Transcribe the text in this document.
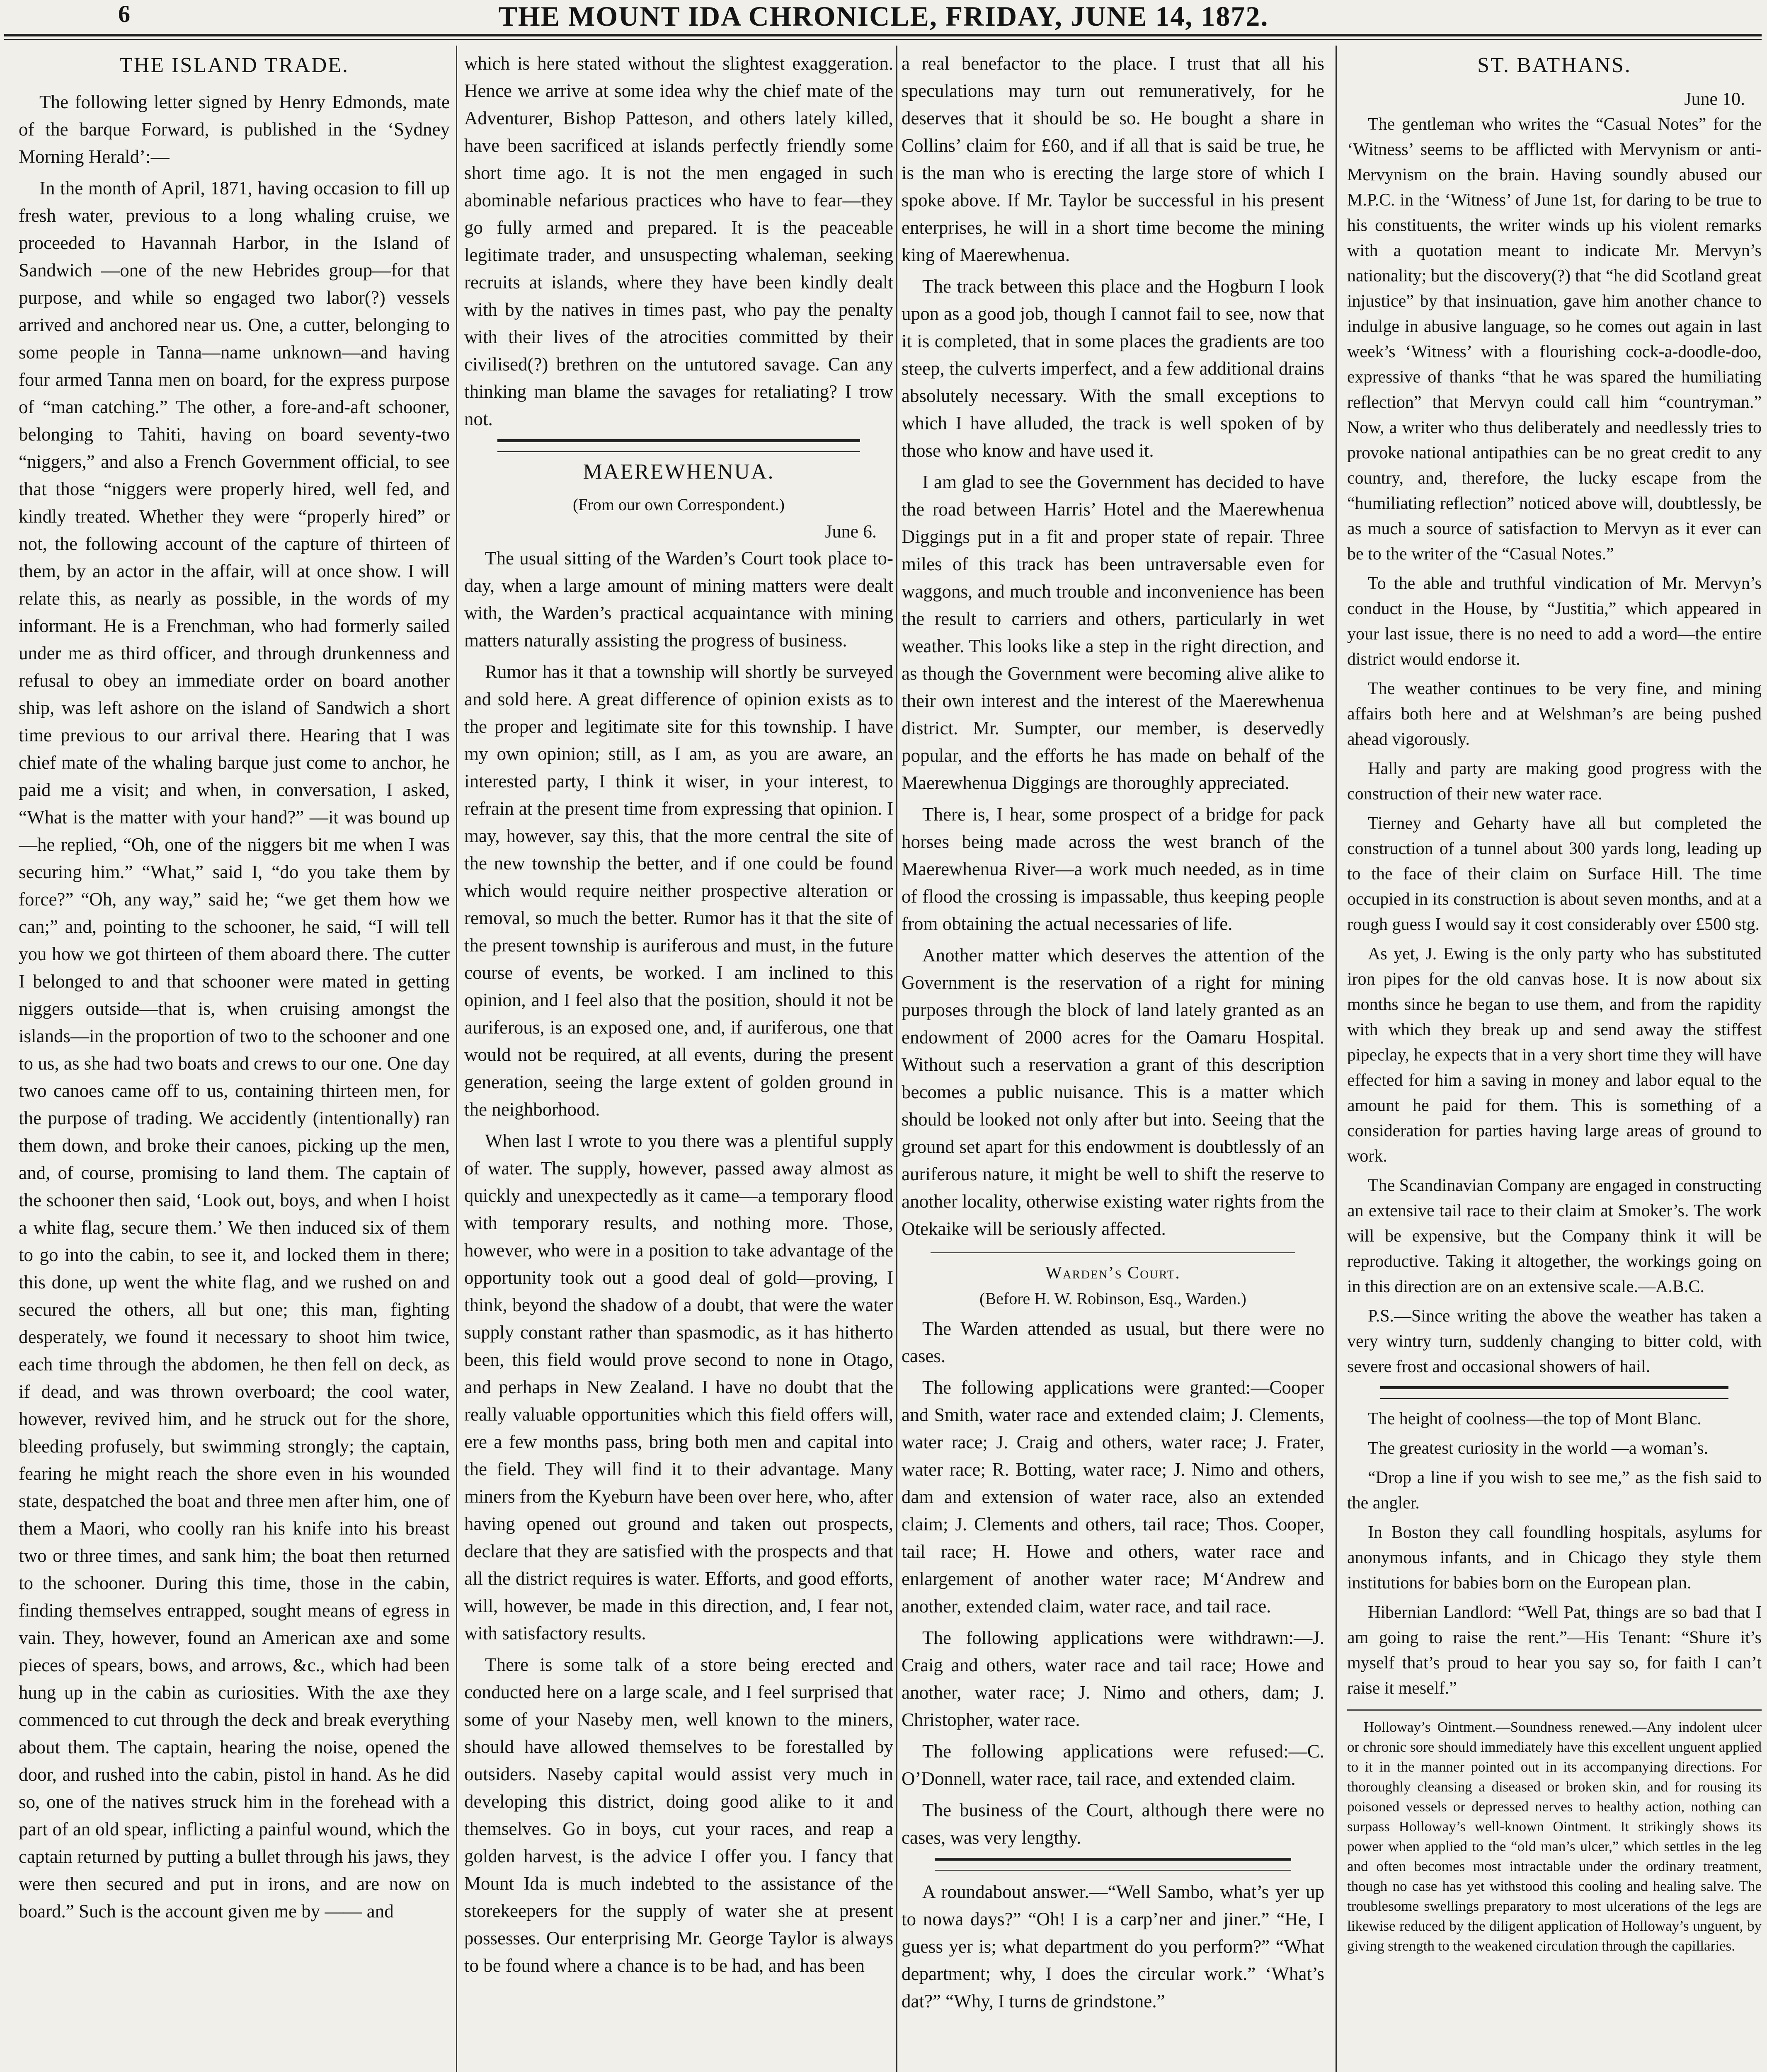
6	THE MOUNT IDA CHRONICLE, FRIDAY, JUNE 14, 1872.
THE ISLAND TRADE.

The following letter signed by Henry Edmonds, mate of the barque Forward, is published in the ‘Sydney Morning Herald’:—

In the month of April, 1871, having occasion to fill up fresh water, previous to a long whaling cruise, we proceeded to Havannah Harbor, in the Island of Sandwich —one of the new Hebrides group—for that purpose, and while so engaged two labor(?) vessels arrived and anchored near us. One, a cutter, belonging to some people in Tanna—name unknown—and having four armed Tanna men on board, for the express purpose of “man catching.” The other, a fore-and-aft schooner, belonging to Tahiti, having on board seventy-two “niggers,” and also a French Government official, to see that those “niggers were properly hired, well fed, and kindly treated. Whether they were “properly hired” or not, the following account of the capture of thirteen of them, by an actor in the affair, will at once show. I will relate this, as nearly as possible, in the words of my informant. He is a Frenchman, who had formerly sailed under me as third officer, and through drunkenness and refusal to obey an immediate order on board another ship, was left ashore on the island of Sandwich a short time previous to our arrival there. Hearing that I was chief mate of the whaling barque just come to anchor, he paid me a visit; and when, in conversation, I asked, “What is the matter with your hand?” —it was bound up—he replied, “Oh, one of the niggers bit me when I was securing him.” “What,” said I, “do you take them by force?” “Oh, any way,” said he; “we get them how we can;” and, pointing to the schooner, he said, “I will tell you how we got thirteen of them aboard there. The cutter I belonged to and that schooner were mated in getting niggers outside—that is, when cruising amongst the islands—in the proportion of two to the schooner and one to us, as she had two boats and crews to our one. One day two canoes came off to us, containing thirteen men, for the purpose of trading. We accidently (intentionally) ran them down, and broke their canoes, picking up the men, and, of course, promising to land them. The captain of the schooner then said, ‘Look out, boys, and when I hoist a white flag, secure them.’ We then induced six of them to go into the cabin, to see it, and locked them in there; this done, up went the white flag, and we rushed on and secured the others, all but one; this man, fighting desperately, we found it necessary to shoot him twice, each time through the abdomen, he then fell on deck, as if dead, and was thrown overboard; the cool water, however, revived him, and he struck out for the shore, bleeding profusely, but swimming strongly; the captain, fearing he might reach the shore even in his wounded state, despatched the boat and three men after him, one of them a Maori, who coolly ran his knife into his breast two or three times, and sank him; the boat then returned to the schooner. During this time, those in the cabin, finding themselves entrapped, sought means of egress in vain. They, however, found an American axe and some pieces of spears, bows, and arrows, &c., which had been hung up in the cabin as curiosities. With the axe they commenced to cut through the deck and break everything about them. The captain, hearing the noise, opened the door, and rushed into the cabin, pistol in hand. As he did so, one of the natives struck him in the forehead with a part of an old spear, inflicting a painful wound, which the captain returned by putting a bullet through his jaws, they were then secured and put in irons, and are now on board.” Such is the account given me by —— and

which is here stated without the slightest exaggeration. Hence we arrive at some idea why the chief mate of the Adventurer, Bishop Patteson, and others lately killed, have been sacrificed at islands perfectly friendly some short time ago. It is not the men engaged in such abominable nefarious practices who have to fear—they go fully armed and prepared. It is the peaceable legitimate trader, and unsuspecting whaleman, seeking recruits at islands, where they have been kindly dealt with by the natives in times past, who pay the penalty with their lives of the atrocities committed by their civilised(?) brethren on the untutored savage. Can any thinking man blame the savages for retaliating? I trow not.

MAEREWHENUA.
(From our own Correspondent.)
June 6.

The usual sitting of the Warden’s Court took place to-day, when a large amount of mining matters were dealt with, the Warden’s practical acquaintance with mining matters naturally assisting the progress of business.

Rumor has it that a township will shortly be surveyed and sold here. A great difference of opinion exists as to the proper and legitimate site for this township. I have my own opinion; still, as I am, as you are aware, an interested party, I think it wiser, in your interest, to refrain at the present time from expressing that opinion. I may, however, say this, that the more central the site of the new township the better, and if one could be found which would require neither prospective alteration or removal, so much the better. Rumor has it that the site of the present township is auriferous and must, in the future course of events, be worked. I am inclined to this opinion, and I feel also that the position, should it not be auriferous, is an exposed one, and, if auriferous, one that would not be required, at all events, during the present generation, seeing the large extent of golden ground in the neighborhood.

When last I wrote to you there was a plentiful supply of water. The supply, however, passed away almost as quickly and unexpectedly as it came—a temporary flood with temporary results, and nothing more. Those, however, who were in a position to take advantage of the opportunity took out a good deal of gold—proving, I think, beyond the shadow of a doubt, that were the water supply constant rather than spasmodic, as it has hitherto been, this field would prove second to none in Otago, and perhaps in New Zealand. I have no doubt that the really valuable opportunities which this field offers will, ere a few months pass, bring both men and capital into the field. They will find it to their advantage. Many miners from the Kyeburn have been over here, who, after having opened out ground and taken out prospects, declare that they are satisfied with the prospects and that all the district requires is water. Efforts, and good efforts, will, however, be made in this direction, and, I fear not, with satisfactory results.

There is some talk of a store being erected and conducted here on a large scale, and I feel surprised that some of your Naseby men, well known to the miners, should have allowed themselves to be forestalled by outsiders. Naseby capital would assist very much in developing this district, doing good alike to it and themselves. Go in boys, cut your races, and reap a golden harvest, is the advice I offer you. I fancy that Mount Ida is much indebted to the assistance of the storekeepers for the supply of water she at present possesses. Our enterprising Mr. George Taylor is always to be found where a chance is to be had, and has been

a real benefactor to the place. I trust that all his speculations may turn out remuneratively, for he deserves that it should be so. He bought a share in Collins’ claim for £60, and if all that is said be true, he is the man who is erecting the large store of which I spoke above. If Mr. Taylor be successful in his present enterprises, he will in a short time become the mining king of Maerewhenua.

The track between this place and the Hogburn I look upon as a good job, though I cannot fail to see, now that it is completed, that in some places the gradients are too steep, the culverts imperfect, and a few additional drains absolutely necessary. With the small exceptions to which I have alluded, the track is well spoken of by those who know and have used it.

I am glad to see the Government has decided to have the road between Harris’ Hotel and the Maerewhenua Diggings put in a fit and proper state of repair. Three miles of this track has been untraversable even for waggons, and much trouble and inconvenience has been the result to carriers and others, particularly in wet weather. This looks like a step in the right direction, and as though the Government were becoming alive alike to their own interest and the interest of the Maerewhenua district. Mr. Sumpter, our member, is deservedly popular, and the efforts he has made on behalf of the Maerewhenua Diggings are thoroughly appreciated.

There is, I hear, some prospect of a bridge for pack horses being made across the west branch of the Maerewhenua River—a work much needed, as in time of flood the crossing is impassable, thus keeping people from obtaining the actual necessaries of life.

Another matter which deserves the attention of the Government is the reservation of a right for mining purposes through the block of land lately granted as an endowment of 2000 acres for the Oamaru Hospital. Without such a reservation a grant of this description becomes a public nuisance. This is a matter which should be looked not only after but into. Seeing that the ground set apart for this endowment is doubtlessly of an auriferous nature, it might be well to shift the reserve to another locality, otherwise existing water rights from the Otekaike will be seriously affected.

Warden’s Court.
(Before H. W. Robinson, Esq., Warden.)

The Warden attended as usual, but there were no cases.

The following applications were granted:—Cooper and Smith, water race and extended claim; J. Clements, water race; J. Craig and others, water race; J. Frater, water race; R. Botting, water race; J. Nimo and others, dam and extension of water race, also an extended claim; J. Clements and others, tail race; Thos. Cooper, tail race; H. Howe and others, water race and enlargement of another water race; M‘Andrew and another, extended claim, water race, and tail race.

The following applications were withdrawn:—J. Craig and others, water race and tail race; Howe and another, water race; J. Nimo and others, dam; J. Christopher, water race.

The following applications were refused:—C. O’Donnell, water race, tail race, and extended claim.

The business of the Court, although there were no cases, was very lengthy.

A roundabout answer.—“Well Sambo, what’s yer up to nowa days?” “Oh! I is a carp’ner and jiner.” “He, I guess yer is; what department do you perform?” “What department; why, I does the circular work.” ‘What’s dat?” “Why, I turns de grindstone.”

ST. BATHANS.
June 10.

The gentleman who writes the “Casual Notes” for the ‘Witness’ seems to be afflicted with Mervynism or anti-Mervynism on the brain. Having soundly abused our M.P.C. in the ‘Witness’ of June 1st, for daring to be true to his constituents, the writer winds up his violent remarks with a quotation meant to indicate Mr. Mervyn’s nationality; but the discovery(?) that “he did Scotland great injustice” by that insinuation, gave him another chance to indulge in abusive language, so he comes out again in last week’s ‘Witness’ with a flourishing cock-a-doodle-doo, expressive of thanks “that he was spared the humiliating reflection” that Mervyn could call him “countryman.” Now, a writer who thus deliberately and needlessly tries to provoke national antipathies can be no great credit to any country, and, therefore, the lucky escape from the “humiliating reflection” noticed above will, doubtlessly, be as much a source of satisfaction to Mervyn as it ever can be to the writer of the “Casual Notes.”

To the able and truthful vindication of Mr. Mervyn’s conduct in the House, by “Justitia,” which appeared in your last issue, there is no need to add a word—the entire district would endorse it.

The weather continues to be very fine, and mining affairs both here and at Welshman’s are being pushed ahead vigorously.

Hally and party are making good progress with the construction of their new water race.

Tierney and Geharty have all but completed the construction of a tunnel about 300 yards long, leading up to the face of their claim on Surface Hill. The time occupied in its construction is about seven months, and at a rough guess I would say it cost considerably over £500 stg.

As yet, J. Ewing is the only party who has substituted iron pipes for the old canvas hose. It is now about six months since he began to use them, and from the rapidity with which they break up and send away the stiffest pipeclay, he expects that in a very short time they will have effected for him a saving in money and labor equal to the amount he paid for them. This is something of a consideration for parties having large areas of ground to work.

The Scandinavian Company are engaged in constructing an extensive tail race to their claim at Smoker’s. The work will be expensive, but the Company think it will be reproductive. Taking it altogether, the workings going on in this direction are on an extensive scale.—A.B.C.

P.S.—Since writing the above the weather has taken a very wintry turn, suddenly changing to bitter cold, with severe frost and occasional showers of hail.

The height of coolness—the top of Mont Blanc.

The greatest curiosity in the world —a woman’s.

“Drop a line if you wish to see me,” as the fish said to the angler.

In Boston they call foundling hospitals, asylums for anonymous infants, and in Chicago they style them institutions for babies born on the European plan.

Hibernian Landlord: “Well Pat, things are so bad that I am going to raise the rent.”—His Tenant: “Shure it’s myself that’s proud to hear you say so, for faith I can’t raise it meself.”

Holloway’s Ointment.—Soundness renewed.—Any indolent ulcer or chronic sore should immediately have this excellent unguent applied to it in the manner pointed out in its accompanying directions. For thoroughly cleansing a diseased or broken skin, and for rousing its poisoned vessels or depressed nerves to healthy action, nothing can surpass Holloway’s well-known Ointment. It strikingly shows its power when applied to the “old man’s ulcer,” which settles in the leg and often becomes most intractable under the ordinary treatment, though no case has yet withstood this cooling and healing salve. The troublesome swellings preparatory to most ulcerations of the legs are likewise reduced by the diligent application of Holloway’s unguent, by giving strength to the weakened circulation through the capillaries.
